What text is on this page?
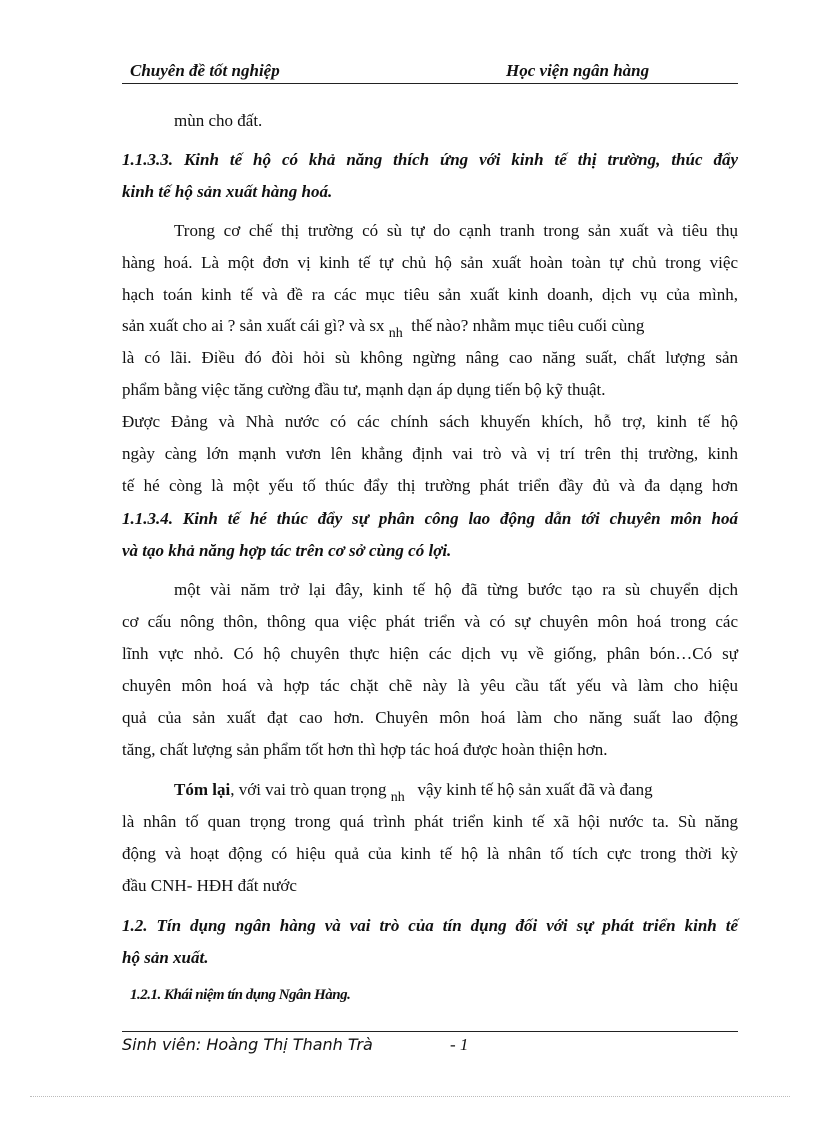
Chuyên đề tốt nghiệp	Học viện ngân hàng
mùn cho đất.
1.1.3.3. Kinh tế hộ có khả năng thích ứng với kinh tế thị trường, thúc đẩy
kinh tế hộ sản xuất hàng hoá.
Trong cơ chế thị trường có sù tự do cạnh tranh trong sản xuất và tiêu thụ
hàng hoá. Là một đơn vị kinh tế tự chủ hộ sản xuất hoàn toàn tự chủ trong việc
hạch toán kinh tế và đề ra các mục tiêu sản xuất kinh doanh, dịch vụ của mình,
sản xuất cho ai ? sản xuất cái gì? và sx $_{nh}$ thế nào? nhằm mục tiêu cuối cùng
là có lãi. Điều đó đòi hỏi sù không ngừng nâng cao năng suất, chất lượng sản
phẩm bằng việc tăng cường đầu tư, mạnh dạn áp dụng tiến bộ kỹ thuật.
Được Đảng và Nhà nước có các chính sách khuyến khích, hỗ trợ, kinh tế hộ
ngày càng lớn mạnh vươn lên khẳng định vai trò và vị trí trên thị trường, kinh
tế hé còng là một yếu tố thúc đẩy thị trường phát triển đầy đủ và đa dạng hơn
1.1.3.4. Kinh tế hé thúc đẩy sự phân công lao động dẫn tới chuyên môn hoá
và tạo khả năng hợp tác trên cơ sở cùng có lợi.
một vài năm trở lại đây, kinh tế hộ đã từng bước tạo ra sù chuyển dịch
cơ cấu nông thôn, thông qua việc phát triển và có sự chuyên môn hoá trong các
lĩnh vực nhỏ. Có hộ chuyên thực hiện các dịch vụ về giống, phân bón…Có sự
chuyên môn hoá và hợp tác chặt chẽ này là yêu cầu tất yếu và làm cho hiệu
quả của sản xuất đạt cao hơn. Chuyên môn hoá làm cho năng suất lao động
tăng, chất lượng sản phẩm tốt hơn thì hợp tác hoá được hoàn thiện hơn.
Tóm lại, với vai trò quan trọng $_{nh}$ vậy kinh tế hộ sản xuất đã và đang
là nhân tố quan trọng trong quá trình phát triển kinh tế xã hội nước ta. Sù năng
động và hoạt động có hiệu quả của kinh tế hộ là nhân tố tích cực trong thời kỳ
đầu CNH- HĐH đất nước
1.2. Tín dụng ngân hàng và vai trò của tín dụng đối với sự phát triển kinh tế
hộ sản xuất.
1.2.1. Khái niệm tín dụng Ngân Hàng.
Sinh viên: Hoàng Thị Thanh Trà	- 1
